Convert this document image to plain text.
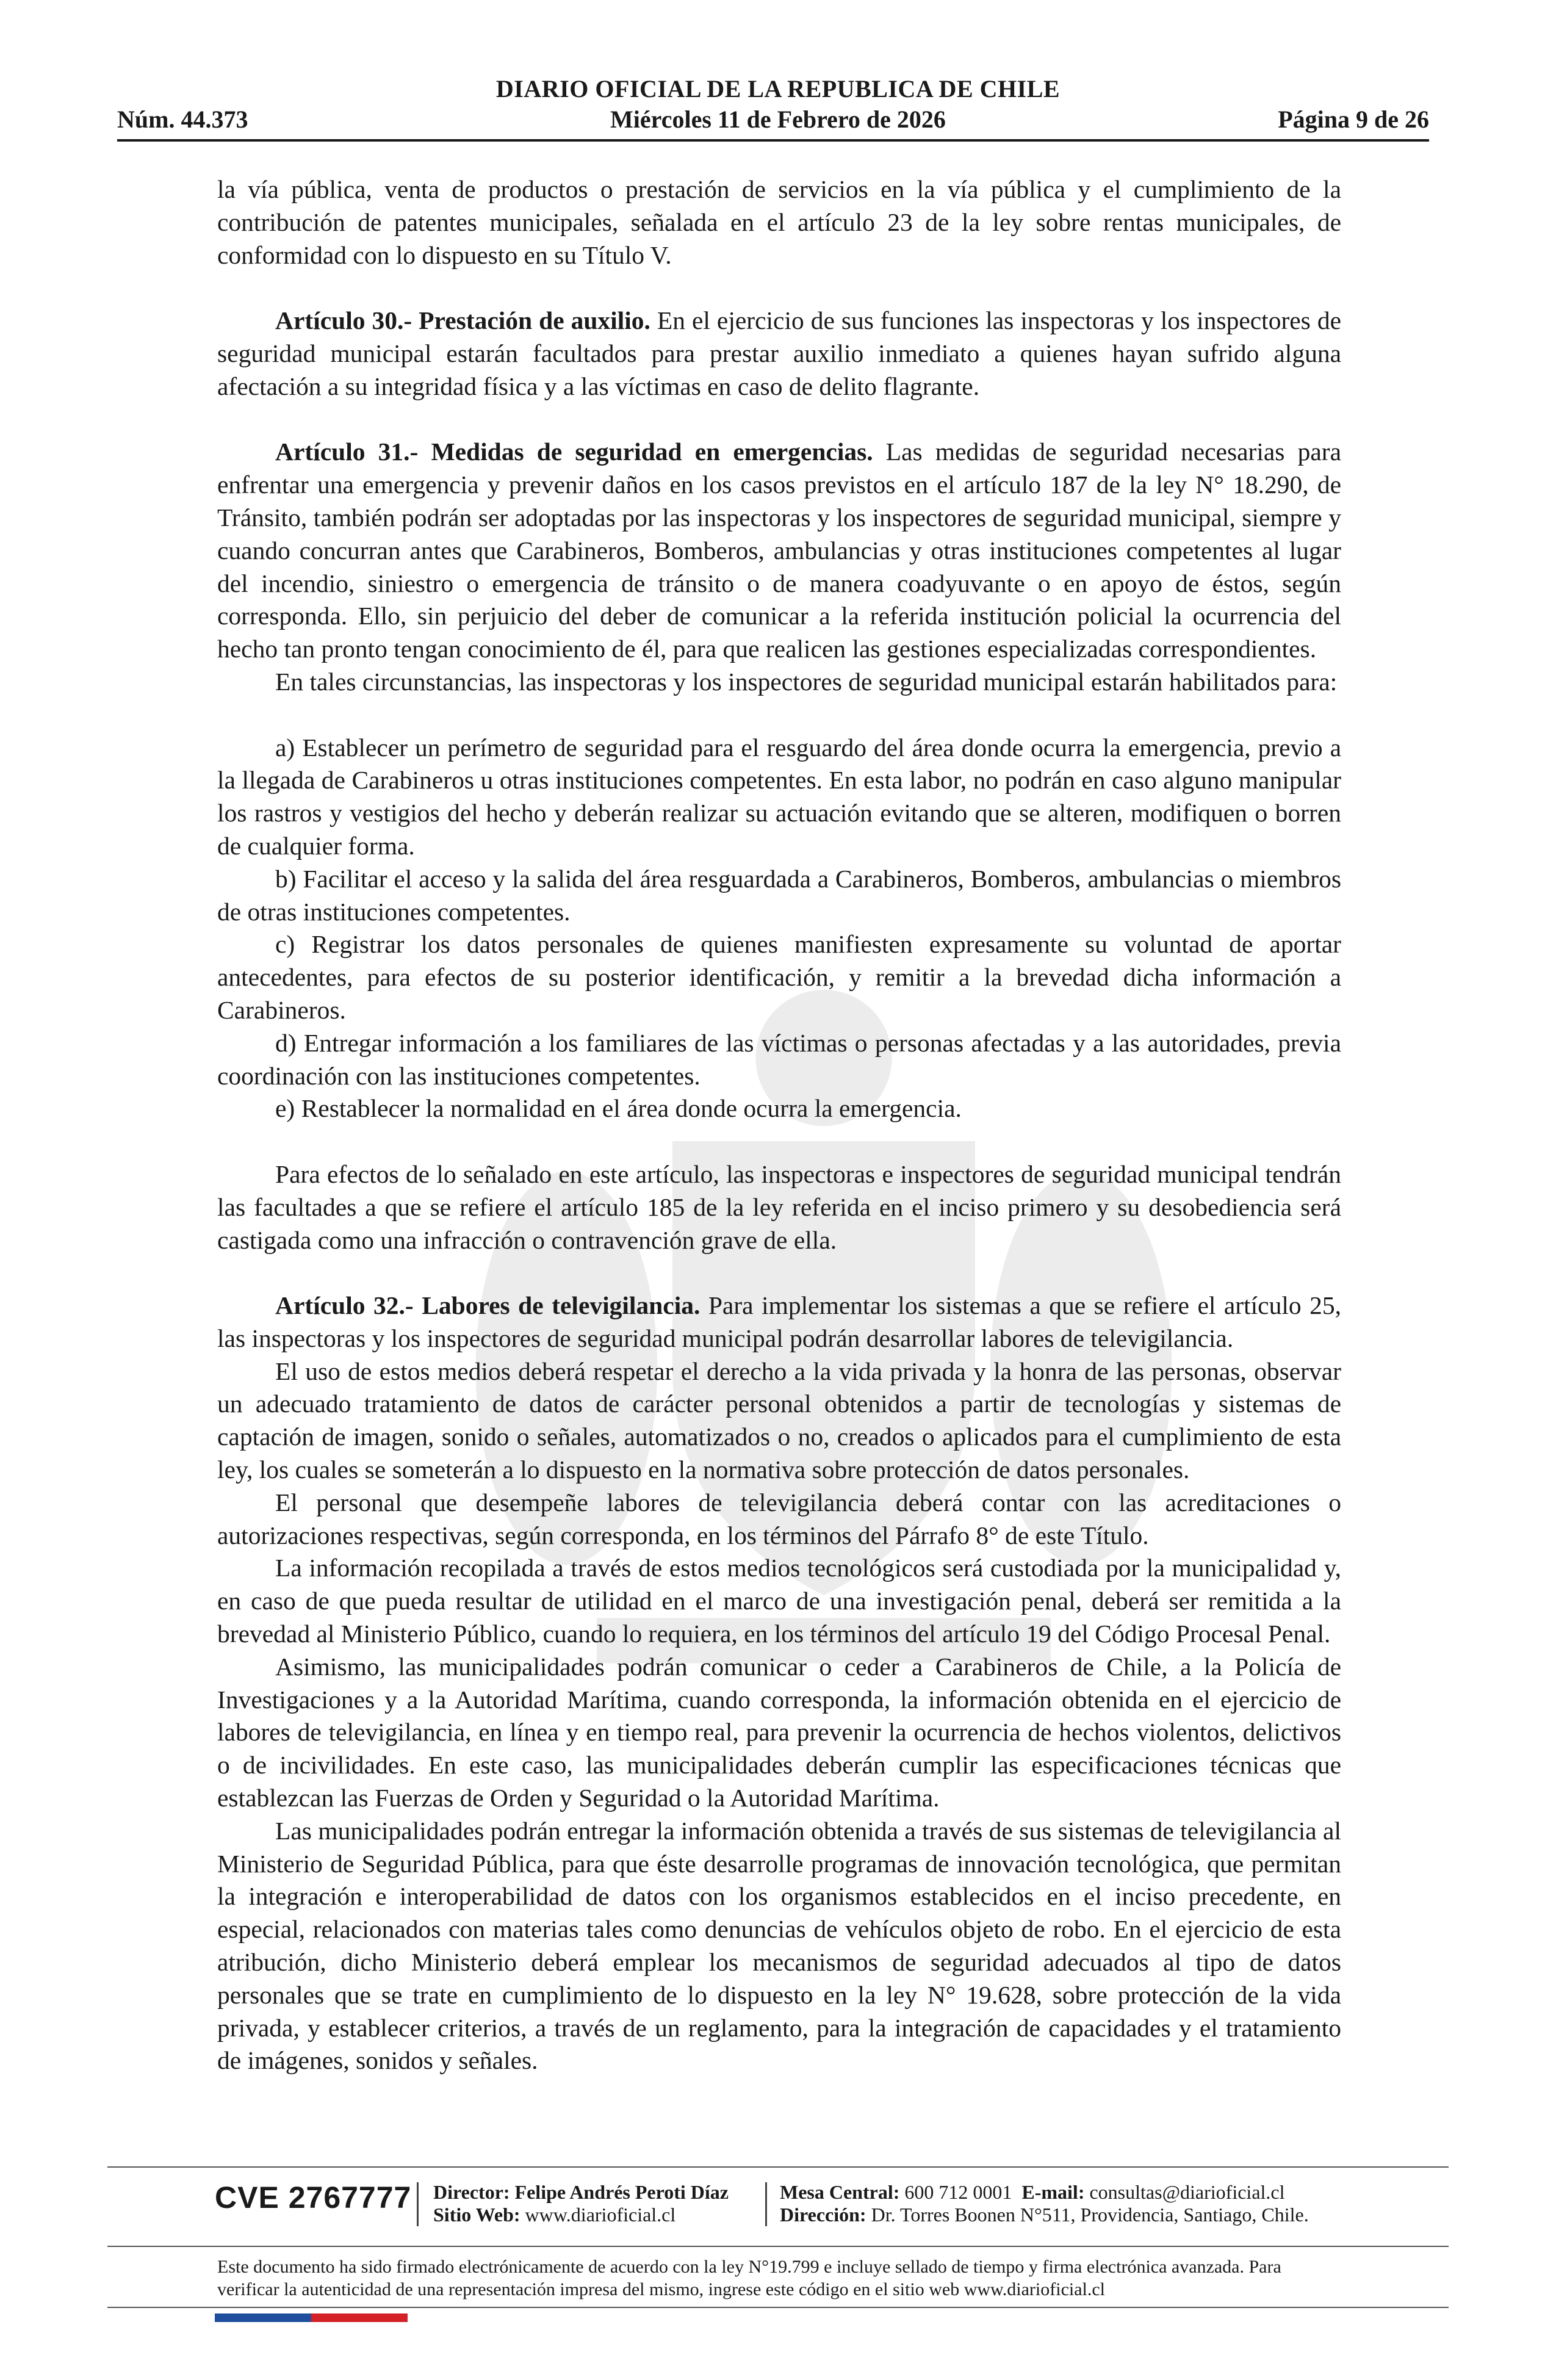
DIARIO OFICIAL DE LA REPUBLICA DE CHILE
Núm. 44.373	Miércoles 11 de Febrero de 2026	Página 9 de 26

la vía pública, venta de productos o prestación de servicios en la vía pública y el cumplimiento de la contribución de patentes municipales, señalada en el artículo 23 de la ley sobre rentas municipales, de conformidad con lo dispuesto en su Título V.

Artículo 30.- Prestación de auxilio. En el ejercicio de sus funciones las inspectoras y los inspectores de seguridad municipal estarán facultados para prestar auxilio inmediato a quienes hayan sufrido alguna afectación a su integridad física y a las víctimas en caso de delito flagrante.

Artículo 31.- Medidas de seguridad en emergencias. Las medidas de seguridad necesarias para enfrentar una emergencia y prevenir daños en los casos previstos en el artículo 187 de la ley N° 18.290, de Tránsito, también podrán ser adoptadas por las inspectoras y los inspectores de seguridad municipal, siempre y cuando concurran antes que Carabineros, Bomberos, ambulancias y otras instituciones competentes al lugar del incendio, siniestro o emergencia de tránsito o de manera coadyuvante o en apoyo de éstos, según corresponda. Ello, sin perjuicio del deber de comunicar a la referida institución policial la ocurrencia del hecho tan pronto tengan conocimiento de él, para que realicen las gestiones especializadas correspondientes.

En tales circunstancias, las inspectoras y los inspectores de seguridad municipal estarán habilitados para:

a) Establecer un perímetro de seguridad para el resguardo del área donde ocurra la emergencia, previo a la llegada de Carabineros u otras instituciones competentes. En esta labor, no podrán en caso alguno manipular los rastros y vestigios del hecho y deberán realizar su actuación evitando que se alteren, modifiquen o borren de cualquier forma.

b) Facilitar el acceso y la salida del área resguardada a Carabineros, Bomberos, ambulancias o miembros de otras instituciones competentes.

c) Registrar los datos personales de quienes manifiesten expresamente su voluntad de aportar antecedentes, para efectos de su posterior identificación, y remitir a la brevedad dicha información a Carabineros.

d) Entregar información a los familiares de las víctimas o personas afectadas y a las autoridades, previa coordinación con las instituciones competentes.

e) Restablecer la normalidad en el área donde ocurra la emergencia.

Para efectos de lo señalado en este artículo, las inspectoras e inspectores de seguridad municipal tendrán las facultades a que se refiere el artículo 185 de la ley referida en el inciso primero y su desobediencia será castigada como una infracción o contravención grave de ella.

Artículo 32.- Labores de televigilancia. Para implementar los sistemas a que se refiere el artículo 25, las inspectoras y los inspectores de seguridad municipal podrán desarrollar labores de televigilancia.

El uso de estos medios deberá respetar el derecho a la vida privada y la honra de las personas, observar un adecuado tratamiento de datos de carácter personal obtenidos a partir de tecnologías y sistemas de captación de imagen, sonido o señales, automatizados o no, creados o aplicados para el cumplimiento de esta ley, los cuales se someterán a lo dispuesto en la normativa sobre protección de datos personales.

El personal que desempeñe labores de televigilancia deberá contar con las acreditaciones o autorizaciones respectivas, según corresponda, en los términos del Párrafo 8° de este Título.

La información recopilada a través de estos medios tecnológicos será custodiada por la municipalidad y, en caso de que pueda resultar de utilidad en el marco de una investigación penal, deberá ser remitida a la brevedad al Ministerio Público, cuando lo requiera, en los términos del artículo 19 del Código Procesal Penal.

Asimismo, las municipalidades podrán comunicar o ceder a Carabineros de Chile, a la Policía de Investigaciones y a la Autoridad Marítima, cuando corresponda, la información obtenida en el ejercicio de labores de televigilancia, en línea y en tiempo real, para prevenir la ocurrencia de hechos violentos, delictivos o de incivilidades. En este caso, las municipalidades deberán cumplir las especificaciones técnicas que establezcan las Fuerzas de Orden y Seguridad o la Autoridad Marítima.

Las municipalidades podrán entregar la información obtenida a través de sus sistemas de televigilancia al Ministerio de Seguridad Pública, para que éste desarrolle programas de innovación tecnológica, que permitan la integración e interoperabilidad de datos con los organismos establecidos en el inciso precedente, en especial, relacionados con materias tales como denuncias de vehículos objeto de robo. En el ejercicio de esta atribución, dicho Ministerio deberá emplear los mecanismos de seguridad adecuados al tipo de datos personales que se trate en cumplimiento de lo dispuesto en la ley N° 19.628, sobre protección de la vida privada, y establecer criterios, a través de un reglamento, para la integración de capacidades y el tratamiento de imágenes, sonidos y señales.

CVE 2767777 Director: Felipe Andrés Peroti Díaz
Sitio Web: www.diarioficial.cl
Mesa Central: 600 712 0001 E-mail: consultas@diarioficial.cl
Dirección: Dr. Torres Boonen N°511, Providencia, Santiago, Chile.
Este documento ha sido firmado electrónicamente de acuerdo con la ley N°19.799 e incluye sellado de tiempo y firma electrónica avanzada. Para verificar la autenticidad de una representación impresa del mismo, ingrese este código en el sitio web www.diarioficial.cl
